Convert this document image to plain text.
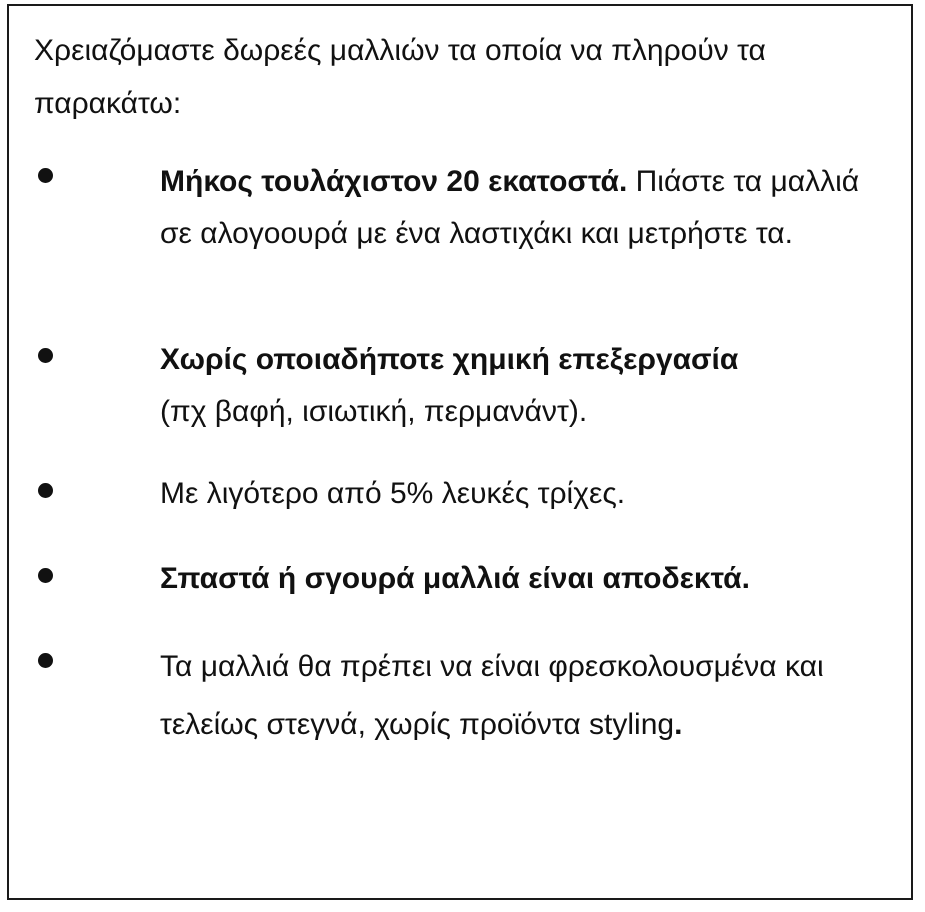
Χρειαζόμαστε δωρεές μαλλιών τα οποία να πληρούν τα παρακάτω:

Μήκος τουλάχιστον 20 εκατοστά. Πιάστε τα μαλλιά σε αλογοουρά με ένα λαστιχάκι και μετρήστε τα.

Χωρίς οποιαδήποτε χημική επεξεργασία
(πχ βαφή, ισιωτική, περμανάντ).

Με λιγότερο από 5% λευκές τρίχες.

Σπαστά ή σγουρά μαλλιά είναι αποδεκτά.

Τα μαλλιά θα πρέπει να είναι φρεσκολουσμένα και τελείως στεγνά, χωρίς προϊόντα styling.
